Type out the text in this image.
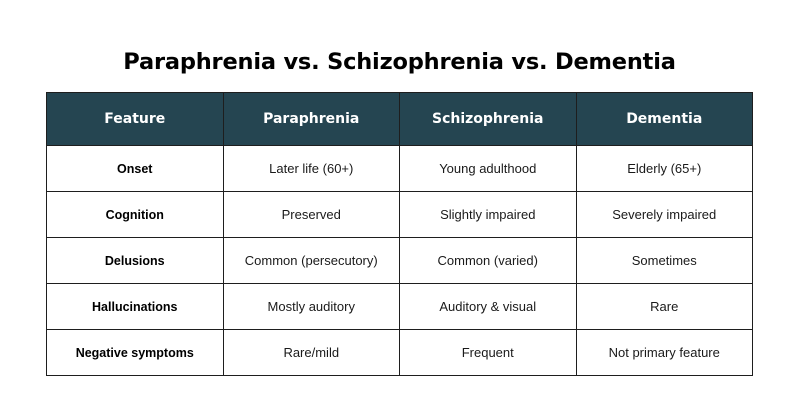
Paraphrenia vs. Schizophrenia vs. Dementia
Feature	Paraphrenia	Schizophrenia	Dementia
Onset	Later life (60+)	Young adulthood	Elderly (65+)
Cognition	Preserved	Slightly impaired	Severely impaired
Delusions	Common (persecutory)	Common (varied)	Sometimes
Hallucinations	Mostly auditory	Auditory & visual	Rare
Negative symptoms	Rare/mild	Frequent	Not primary feature
